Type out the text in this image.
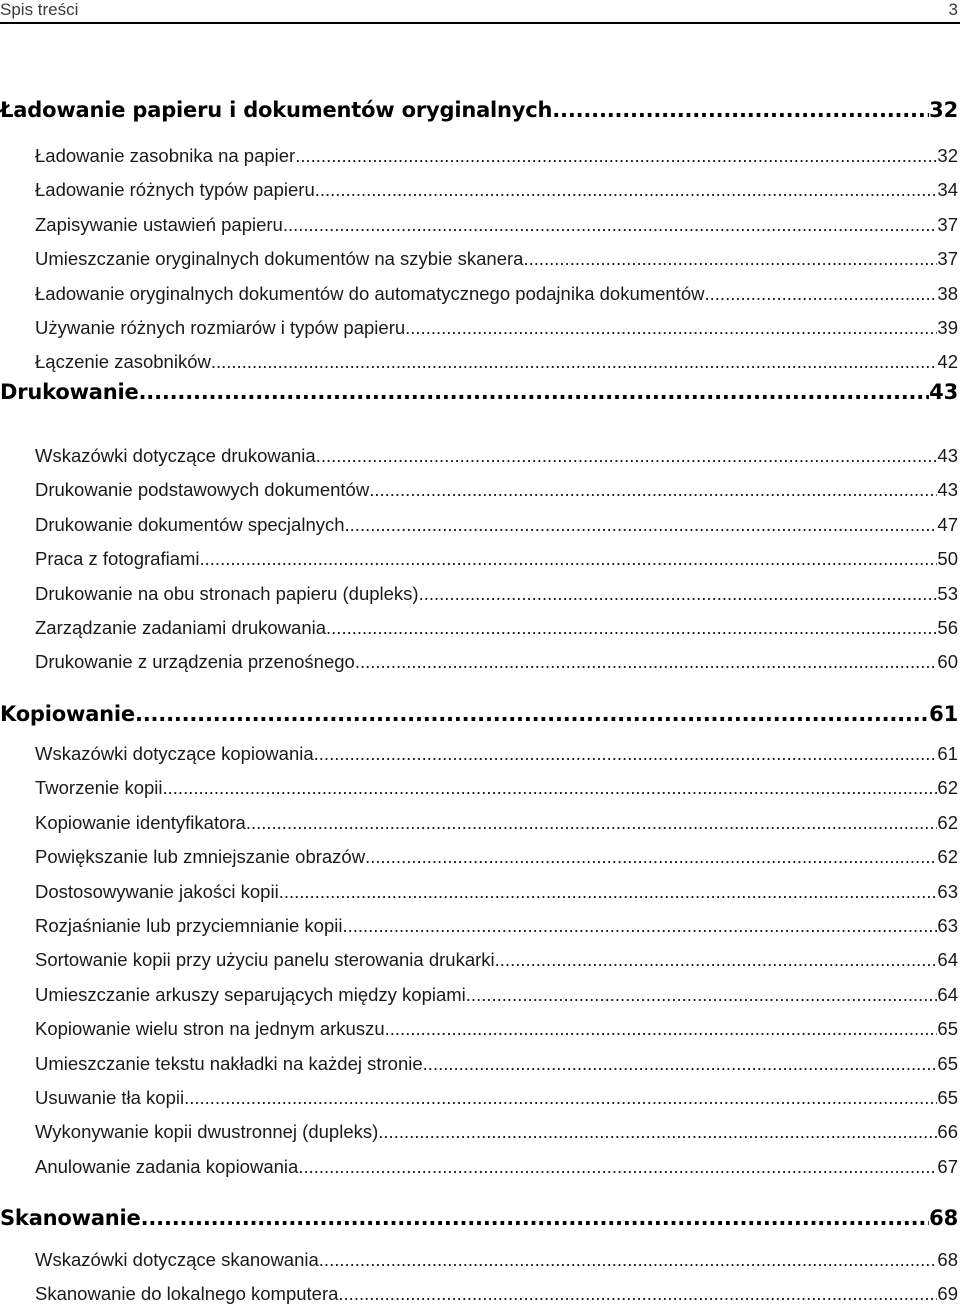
Spis treści	3
Ładowanie papieru i dokumentów oryginalnych .....	32
Ładowanie zasobnika na papier .....	32
Ładowanie różnych typów papieru .....	34
Zapisywanie ustawień papieru .....	37
Umieszczanie oryginalnych dokumentów na szybie skanera .....	37
Ładowanie oryginalnych dokumentów do automatycznego podajnika dokumentów .....	38
Używanie różnych rozmiarów i typów papieru .....	39
Łączenie zasobników .....	42
Drukowanie .....	43
Wskazówki dotyczące drukowania .....	43
Drukowanie podstawowych dokumentów .....	43
Drukowanie dokumentów specjalnych .....	47
Praca z fotografiami .....	50
Drukowanie na obu stronach papieru (dupleks) .....	53
Zarządzanie zadaniami drukowania .....	56
Drukowanie z urządzenia przenośnego .....	60
Kopiowanie .....	61
Wskazówki dotyczące kopiowania .....	61
Tworzenie kopii .....	62
Kopiowanie identyfikatora .....	62
Powiększanie lub zmniejszanie obrazów .....	62
Dostosowywanie jakości kopii .....	63
Rozjaśnianie lub przyciemnianie kopii .....	63
Sortowanie kopii przy użyciu panelu sterowania drukarki .....	64
Umieszczanie arkuszy separujących między kopiami .....	64
Kopiowanie wielu stron na jednym arkuszu .....	65
Umieszczanie tekstu nakładki na każdej stronie .....	65
Usuwanie tła kopii .....	65
Wykonywanie kopii dwustronnej (dupleks) .....	66
Anulowanie zadania kopiowania .....	67
Skanowanie .....	68
Wskazówki dotyczące skanowania .....	68
Skanowanie do lokalnego komputera .....	69
